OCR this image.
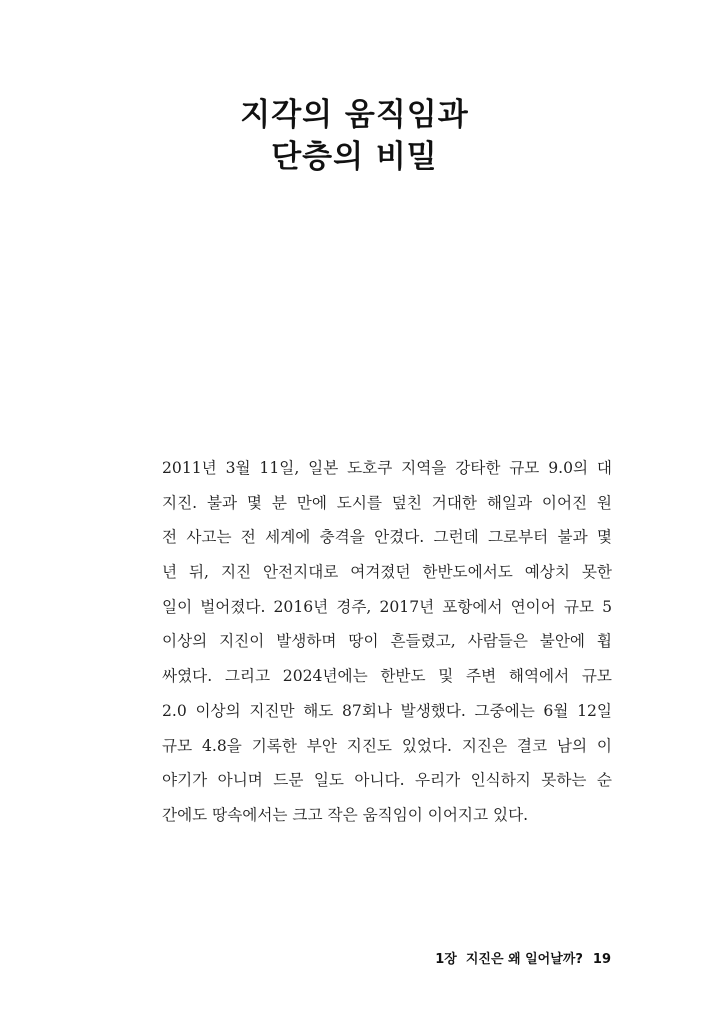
지각의 움직임과
단층의 비밀
2011년 3월 11일, 일본 도호쿠 지역을 강타한 규모 9.0의 대
지진. 불과 몇 분 만에 도시를 덮친 거대한 해일과 이어진 원
전 사고는 전 세계에 충격을 안겼다. 그런데 그로부터 불과 몇
년 뒤, 지진 안전지대로 여겨졌던 한반도에서도 예상치 못한
일이 벌어졌다. 2016년 경주, 2017년 포항에서 연이어 규모 5
이상의 지진이 발생하며 땅이 흔들렸고, 사람들은 불안에 휩
싸였다. 그리고 2024년에는 한반도 및 주변 해역에서 규모
2.0 이상의 지진만 해도 87회나 발생했다. 그중에는 6월 12일
규모 4.8을 기록한 부안 지진도 있었다. 지진은 결코 남의 이
야기가 아니며 드문 일도 아니다. 우리가 인식하지 못하는 순
간에도 땅속에서는 크고 작은 움직임이 이어지고 있다.
1장  지진은 왜 일어날까? 19
